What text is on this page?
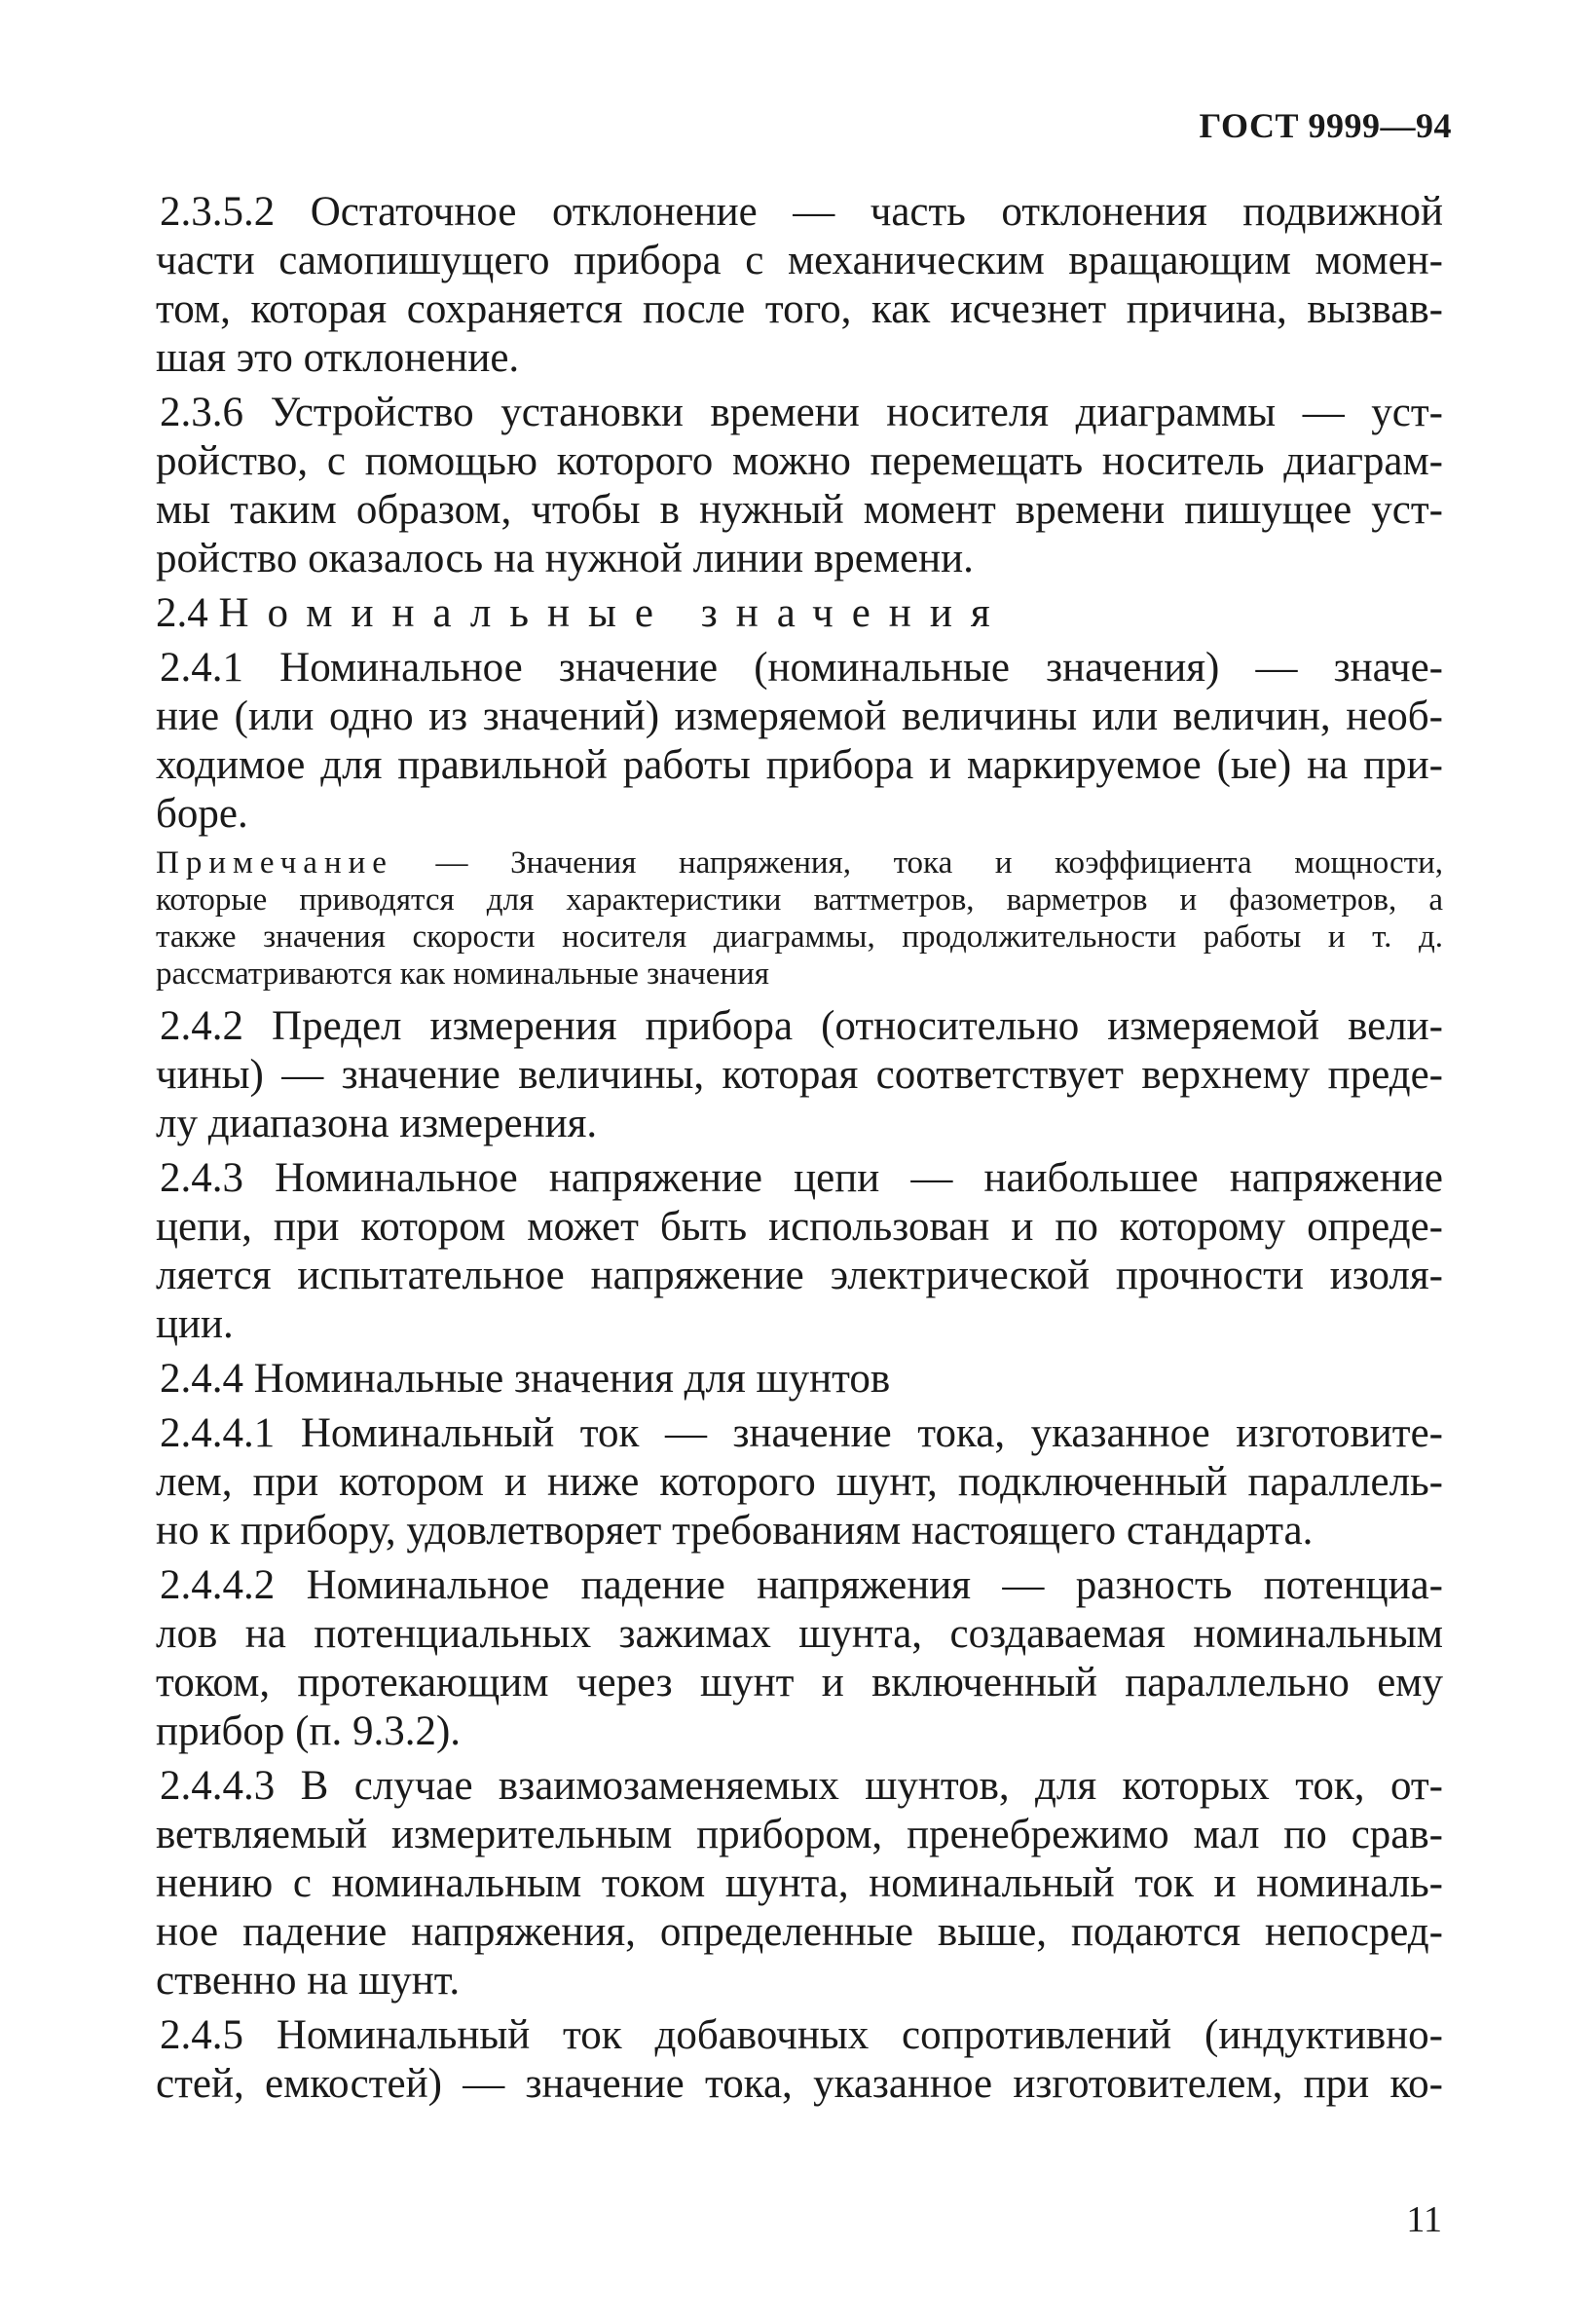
ГОСТ 9999—94
2.3.5.2 Остаточное отклонение — часть отклонения подвижной
части самопишущего прибора с механическим вращающим момен-
том, которая сохраняется после того, как исчезнет причина, вызвав-
шая это отклонение.
2.3.6 Устройство установки времени носителя диаграммы — уст-
ройство, с помощью которого можно перемещать носитель диаграм-
мы таким образом, чтобы в нужный момент времени пишущее уст-
ройство оказалось на нужной линии времени.
2.4 Номинальные значения
2.4.1 Номинальное значение (номинальные значения) — значе-
ние (или одно из значений) измеряемой величины или величин, необ-
ходимое для правильной работы прибора и маркируемое (ые) на при-
боре.
Примечание — Значения напряжения, тока и коэффициента мощности,
которые приводятся для характеристики ваттметров, варметров и фазометров, а
также значения скорости носителя диаграммы, продолжительности работы и т. д.
рассматриваются как номинальные значения
2.4.2 Предел измерения прибора (относительно измеряемой вели-
чины) — значение величины, которая соответствует верхнему преде-
лу диапазона измерения.
2.4.3 Номинальное напряжение цепи — наибольшее напряжение
цепи, при котором может быть использован и по которому опреде-
ляется испытательное напряжение электрической прочности изоля-
ции.
2.4.4 Номинальные значения для шунтов
2.4.4.1 Номинальный ток — значение тока, указанное изготовите-
лем, при котором и ниже которого шунт, подключенный параллель-
но к прибору, удовлетворяет требованиям настоящего стандарта.
2.4.4.2 Номинальное падение напряжения — разность потенциа-
лов на потенциальных зажимах шунта, создаваемая номинальным
током, протекающим через шунт и включенный параллельно ему
прибор (п. 9.3.2).
2.4.4.3 В случае взаимозаменяемых шунтов, для которых ток, от-
ветвляемый измерительным прибором, пренебрежимо мал по срав-
нению с номинальным током шунта, номинальный ток и номиналь-
ное падение напряжения, определенные выше, подаются непосред-
ственно на шунт.
2.4.5 Номинальный ток добавочных сопротивлений (индуктивно-
стей, емкостей) — значение тока, указанное изготовителем, при ко-
11
